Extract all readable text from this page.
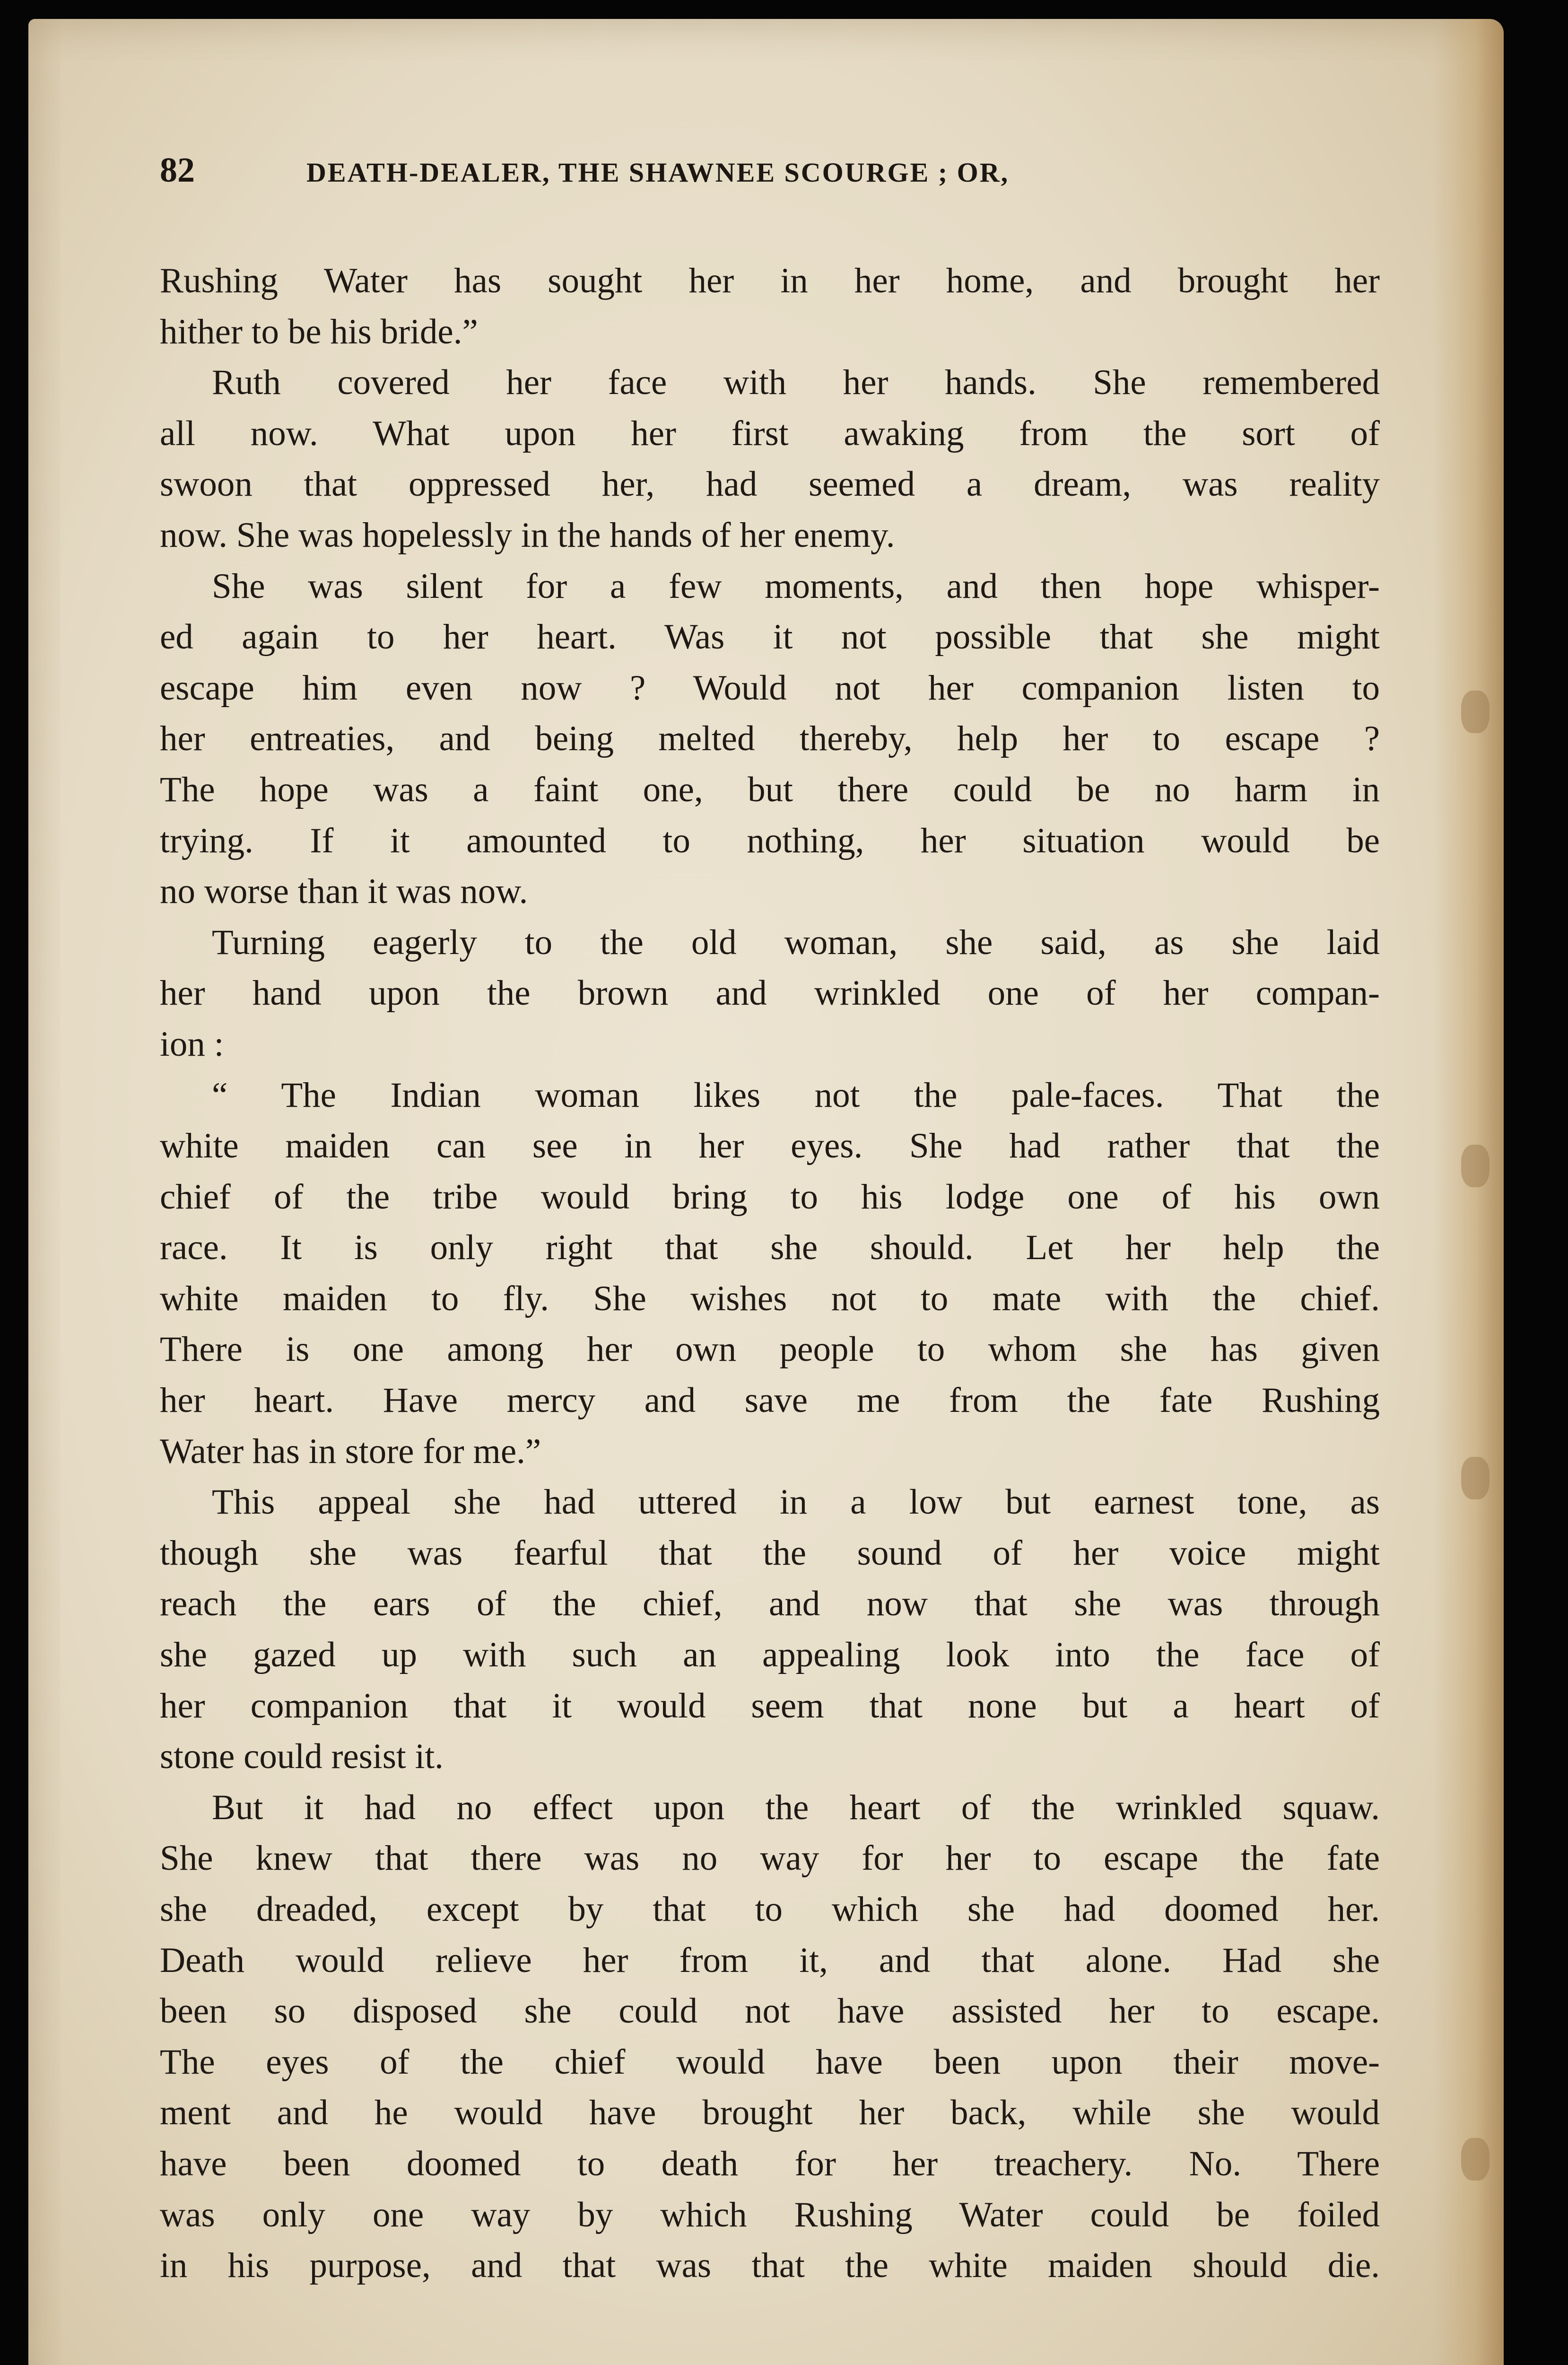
82	DEATH-DEALER, THE SHAWNEE SCOURGE ; OR,

Rushing Water has sought her in her home, and brought her
hither to be his bride.”

Ruth covered her face with her hands. She remembered
all now. What upon her first awaking from the sort of
swoon that oppressed her, had seemed a dream, was reality
now. She was hopelessly in the hands of her enemy.

She was silent for a few moments, and then hope whisper-
ed again to her heart. Was it not possible that she might
escape him even now ? Would not her companion listen to
her entreaties, and being melted thereby, help her to escape ?
The hope was a faint one, but there could be no harm in
trying. If it amounted to nothing, her situation would be
no worse than it was now.

Turning eagerly to the old woman, she said, as she laid
her hand upon the brown and wrinkled one of her compan-
ion :

“ The Indian woman likes not the pale-faces. That the
white maiden can see in her eyes. She had rather that the
chief of the tribe would bring to his lodge one of his own
race. It is only right that she should. Let her help the
white maiden to fly. She wishes not to mate with the chief.
There is one among her own people to whom she has given
her heart. Have mercy and save me from the fate Rushing
Water has in store for me.”

This appeal she had uttered in a low but earnest tone, as
though she was fearful that the sound of her voice might
reach the ears of the chief, and now that she was through
she gazed up with such an appealing look into the face of
her companion that it would seem that none but a heart of
stone could resist it.

But it had no effect upon the heart of the wrinkled squaw.
She knew that there was no way for her to escape the fate
she dreaded, except by that to which she had doomed her.
Death would relieve her from it, and that alone. Had she
been so disposed she could not have assisted her to escape.
The eyes of the chief would have been upon their move-
ment and he would have brought her back, while she would
have been doomed to death for her treachery. No. There
was only one way by which Rushing Water could be foiled
in his purpose, and that was that the white maiden should die.
